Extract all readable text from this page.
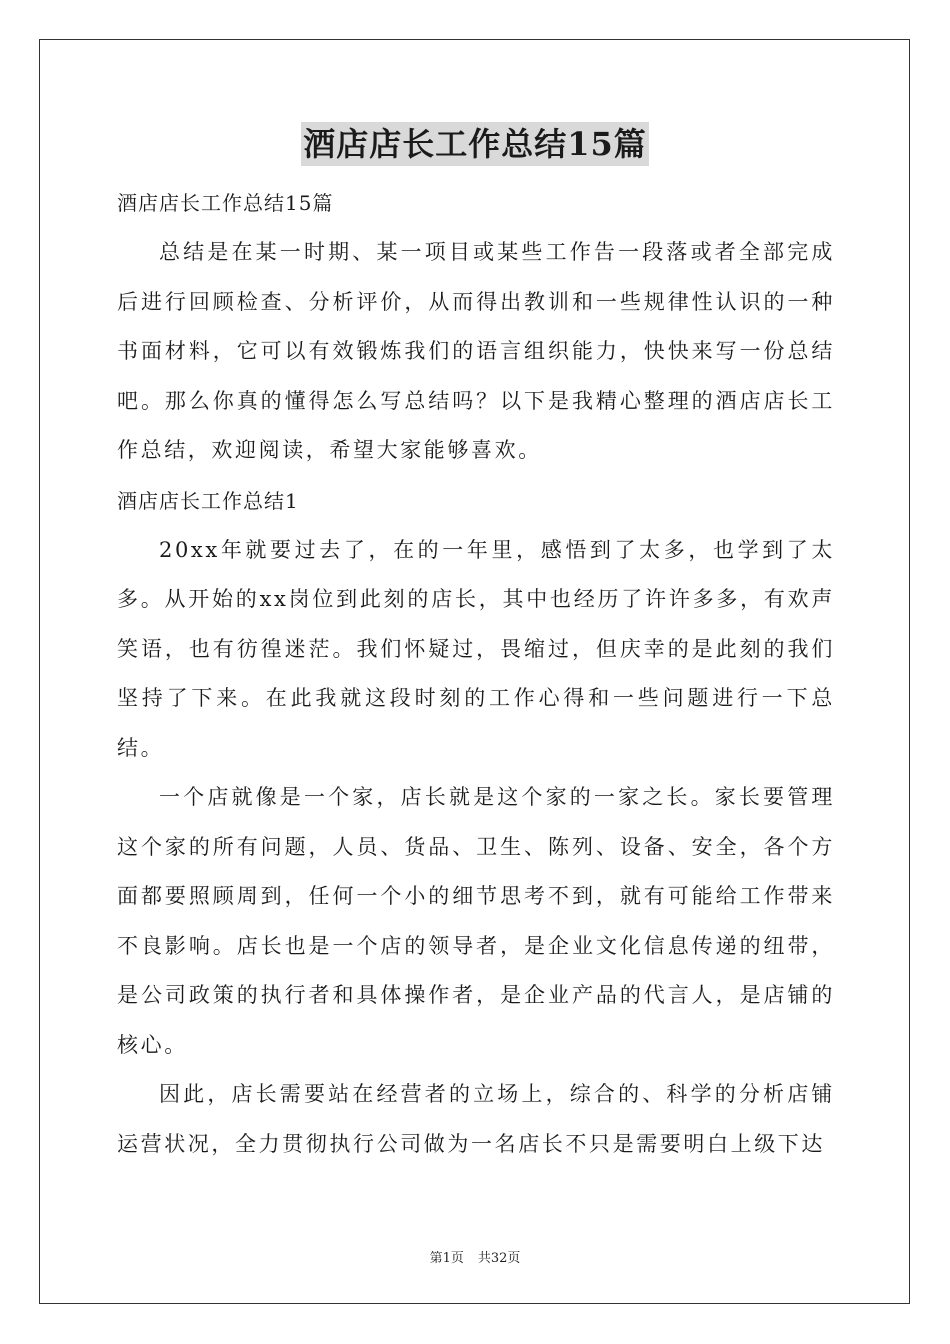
酒店店长工作总结15篇

酒店店长工作总结15篇

总结是在某一时期、某一项目或某些工作告一段落或者全部完成后进行回顾检查、分析评价，从而得出教训和一些规律性认识的一种书面材料，它可以有效锻炼我们的语言组织能力，快快来写一份总结吧。那么你真的懂得怎么写总结吗？以下是我精心整理的酒店店长工作总结，欢迎阅读，希望大家能够喜欢。

酒店店长工作总结1

20xx年就要过去了，在的一年里，感悟到了太多，也学到了太多。从开始的xx岗位到此刻的店长，其中也经历了许许多多，有欢声笑语，也有彷徨迷茫。我们怀疑过，畏缩过，但庆幸的是此刻的我们坚持了下来。在此我就这段时刻的工作心得和一些问题进行一下总结。

一个店就像是一个家，店长就是这个家的一家之长。家长要管理这个家的所有问题，人员、货品、卫生、陈列、设备、安全，各个方面都要照顾周到，任何一个小的细节思考不到，就有可能给工作带来不良影响。店长也是一个店的领导者，是企业文化信息传递的纽带，是公司政策的执行者和具体操作者，是企业产品的代言人，是店铺的核心。

因此，店长需要站在经营者的立场上，综合的、科学的分析店铺运营状况，全力贯彻执行公司做为一名店长不只是需要明白上级下达

第1页 共32页
